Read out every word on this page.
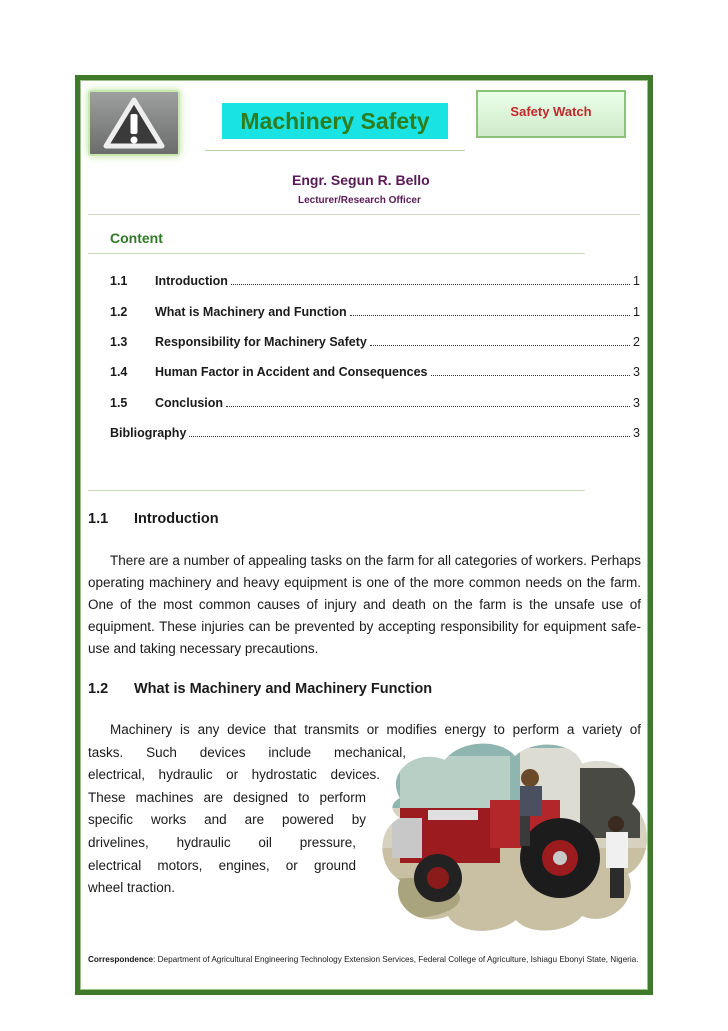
Machinery Safety	Safety Watch
Engr. Segun R. Bello
Lecturer/Research Officer
Content
1.1 Introduction	1
1.2 What is Machinery and Function	1
1.3 Responsibility for Machinery Safety	2
1.4 Human Factor in Accident and Consequences	3
1.5 Conclusion	3
Bibliography	3
1.1 Introduction
There are a number of appealing tasks on the farm for all categories of workers. Perhaps operating machinery and heavy equipment is one of the more common needs on the farm. One of the most common causes of injury and death on the farm is the unsafe use of equipment. These injuries can be prevented by accepting responsibility for equipment safe-use and taking necessary precautions.
1.2 What is Machinery and Machinery Function
Machinery is any device that transmits or modifies energy to perform a variety of
tasks. Such devices include mechanical,
electrical, hydraulic or hydrostatic devices.
These machines are designed to perform
specific works and are powered by
drivelines, hydraulic oil pressure,
electrical motors, engines, or ground
wheel traction.
Correspondence: Department of Agricultural Engineering Technology Extension Services, Federal College of Agriculture, Ishiagu Ebonyi State, Nigeria.
